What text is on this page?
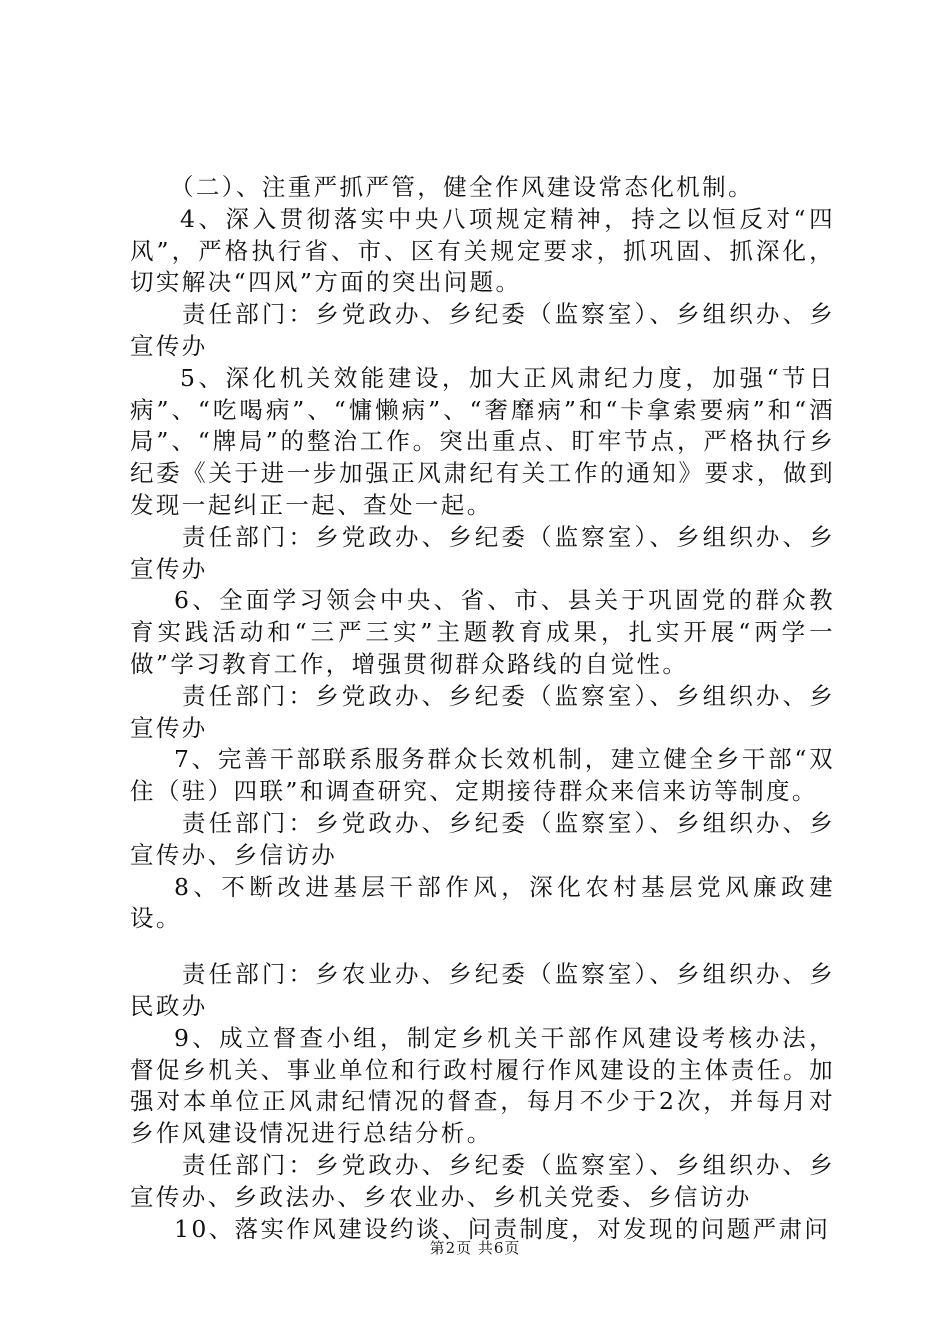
（二）、注重严抓严管，健全作风建设常态化机制。

4、深入贯彻落实中央八项规定精神，持之以恒反对“四风”，严格执行省、市、区有关规定要求，抓巩固、抓深化，切实解决“四风”方面的突出问题。

责任部门：乡党政办、乡纪委（监察室）、乡组织办、乡宣传办

5、深化机关效能建设，加大正风肃纪力度，加强“节日病”、“吃喝病”、“慵懒病”、“奢靡病”和“卡拿索要病”和“酒局”、“牌局”的整治工作。突出重点、盯牢节点，严格执行乡纪委《关于进一步加强正风肃纪有关工作的通知》要求，做到发现一起纠正一起、查处一起。

责任部门：乡党政办、乡纪委（监察室）、乡组织办、乡宣传办

6、全面学习领会中央、省、市、县关于巩固党的群众教育实践活动和“三严三实”主题教育成果，扎实开展“两学一做”学习教育工作，增强贯彻群众路线的自觉性。

责任部门：乡党政办、乡纪委（监察室）、乡组织办、乡宣传办

7、完善干部联系服务群众长效机制，建立健全乡干部“双住（驻）四联”和调查研究、定期接待群众来信来访等制度。

责任部门：乡党政办、乡纪委（监察室）、乡组织办、乡宣传办、乡信访办

8、不断改进基层干部作风，深化农村基层党风廉政建设。

责任部门：乡农业办、乡纪委（监察室）、乡组织办、乡民政办

9、成立督查小组，制定乡机关干部作风建设考核办法，督促乡机关、事业单位和行政村履行作风建设的主体责任。加强对本单位正风肃纪情况的督查，每月不少于2次，并每月对乡作风建设情况进行总结分析。

责任部门：乡党政办、乡纪委（监察室）、乡组织办、乡宣传办、乡政法办、乡农业办、乡机关党委、乡信访办

10、落实作风建设约谈、问责制度，对发现的问题严肃问

第2页 共6页
